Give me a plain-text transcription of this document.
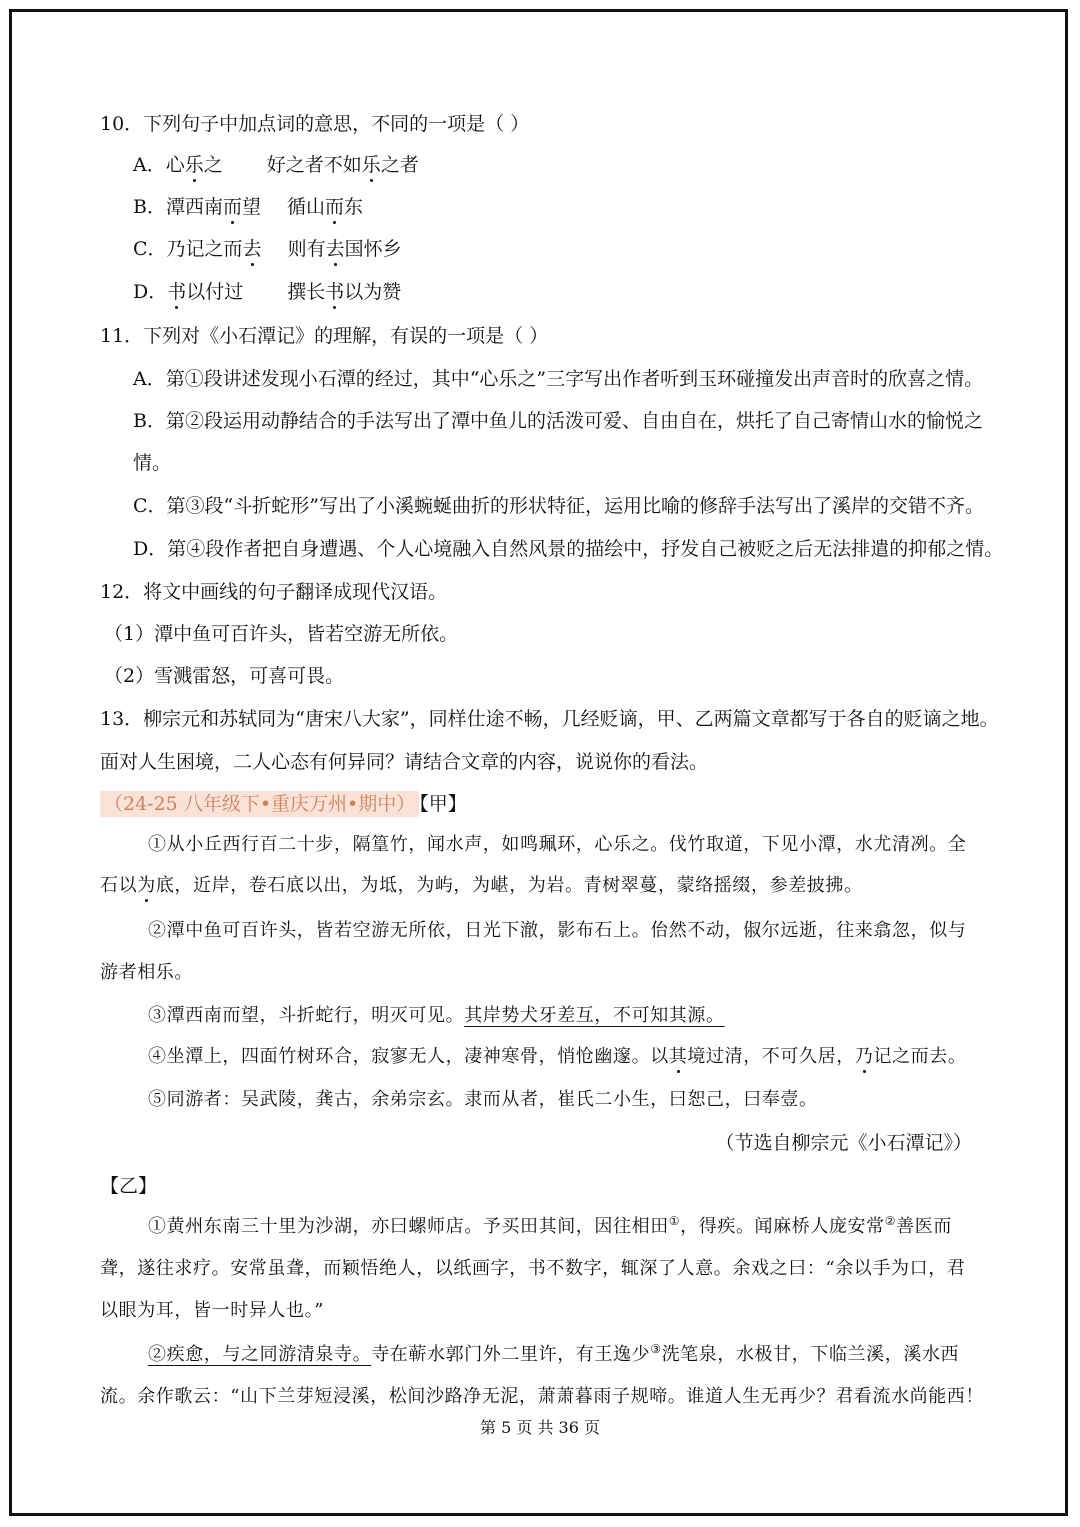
10．下列句子中加点词的意思，不同的一项是（ ）
A．心乐之 好之者不如乐之者
B．潭西南而望 循山而东
C．乃记之而去 则有去国怀乡
D．书以付过 撰长书以为赞
11．下列对《小石潭记》的理解，有误的一项是（ ）
A．第①段讲述发现小石潭的经过，其中“心乐之”三字写出作者听到玉环碰撞发出声音时的欣喜之情。
B．第②段运用动静结合的手法写出了潭中鱼儿的活泼可爱、自由自在，烘托了自己寄情山水的愉悦之
情。
C．第③段“斗折蛇形”写出了小溪蜿蜒曲折的形状特征，运用比喻的修辞手法写出了溪岸的交错不齐。
D．第④段作者把自身遭遇、个人心境融入自然风景的描绘中，抒发自己被贬之后无法排遣的抑郁之情。
12．将文中画线的句子翻译成现代汉语。
（1）潭中鱼可百许头，皆若空游无所依。
（2）雪溅雷怒，可喜可畏。
13．柳宗元和苏轼同为“唐宋八大家”，同样仕途不畅，几经贬谪，甲、乙两篇文章都写于各自的贬谪之地。
面对人生困境，二人心态有何异同？请结合文章的内容，说说你的看法。
（24-25 八年级下•重庆万州•期中） 【甲】
①从小丘西行百二十步，隔篁竹，闻水声，如鸣珮环，心乐之。伐竹取道，下见小潭，水尤清冽。全
石以为底，近岸，卷石底以出，为坻，为屿，为嵁，为岩。青树翠蔓，蒙络摇缀，参差披拂。
②潭中鱼可百许头，皆若空游无所依，日光下澈，影布石上。佁然不动，俶尔远逝，往来翕忽，似与
游者相乐。
③潭西南而望，斗折蛇行，明灭可见。其岸势犬牙差互，不可知其源。
④坐潭上，四面竹树环合，寂寥无人，凄神寒骨，悄怆幽邃。以其境过清，不可久居，乃记之而去。
⑤同游者：吴武陵，龚古，余弟宗玄。隶而从者，崔氏二小生，曰恕己，曰奉壹。
（节选自柳宗元《小石潭记》）
【乙】
①黄州东南三十里为沙湖，亦曰螺师店。予买田其间，因往相田①，得疾。闻麻桥人庞安常②善医而
聋，遂往求疗。安常虽聋，而颖悟绝人，以纸画字，书不数字，辄深了人意。余戏之曰：“余以手为口，君
以眼为耳，皆一时异人也。”
②疾愈，与之同游清泉寺。寺在蕲水郭门外二里许，有王逸少③洗笔泉，水极甘，下临兰溪，溪水西
流。余作歌云：“山下兰芽短浸溪，松间沙路净无泥，萧萧暮雨子规啼。谁道人生无再少？君看流水尚能西！
第 5 页 共 36 页
